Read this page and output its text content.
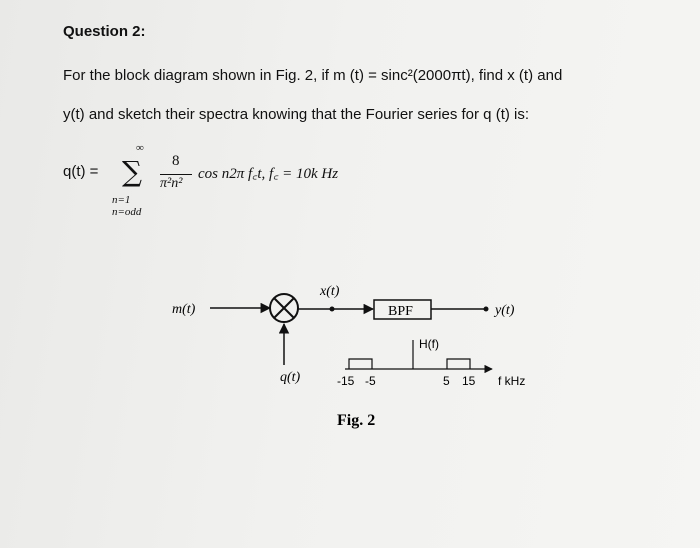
Question 2:
For the block diagram shown in Fig. 2, if m (t) = sinc²(2000πt), find x (t) and
y(t) and sketch their spectra knowing that the Fourier series for q (t) is:
q(t) = ∑
∞
n=1
n=odd
8
π²n²
cos n2π f꜀t, f꜀ = 10k Hz
m(t)
q(t)
x(t)
BPF	y(t)
H(f)
-15 -5	5 15 f kHz
Fig. 2
